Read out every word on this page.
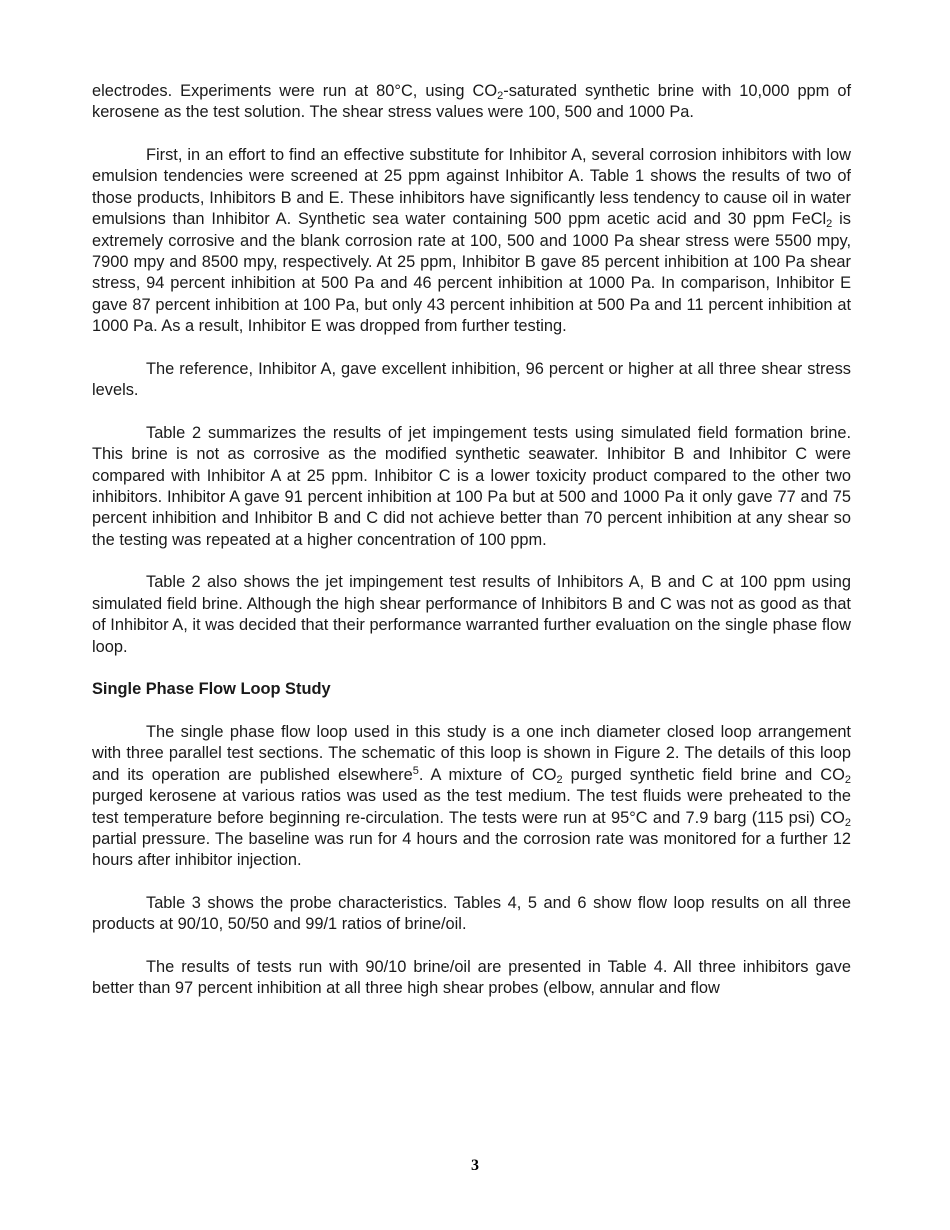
electrodes. Experiments were run at 80°C, using $CO_2$-saturated synthetic brine with 10,000 ppm of kerosene as the test solution. The shear stress values were 100, 500 and 1000 Pa.

First, in an effort to find an effective substitute for Inhibitor A, several corrosion inhibitors with low emulsion tendencies were screened at 25 ppm against Inhibitor A. Table 1 shows the results of two of those products, Inhibitors B and E. These inhibitors have significantly less tendency to cause oil in water emulsions than Inhibitor A. Synthetic sea water containing 500 ppm acetic acid and 30 ppm FeCl$_2$ is extremely corrosive and the blank corrosion rate at 100, 500 and 1000 Pa shear stress were 5500 mpy, 7900 mpy and 8500 mpy, respectively. At 25 ppm, Inhibitor B gave 85 percent inhibition at 100 Pa shear stress, 94 percent inhibition at 500 Pa and 46 percent inhibition at 1000 Pa. In comparison, Inhibitor E gave 87 percent inhibition at 100 Pa, but only 43 percent inhibition at 500 Pa and 11 percent inhibition at 1000 Pa. As a result, Inhibitor E was dropped from further testing.

The reference, Inhibitor A, gave excellent inhibition, 96 percent or higher at all three shear stress levels.

Table 2 summarizes the results of jet impingement tests using simulated field formation brine. This brine is not as corrosive as the modified synthetic seawater. Inhibitor B and Inhibitor C were compared with Inhibitor A at 25 ppm. Inhibitor C is a lower toxicity product compared to the other two inhibitors. Inhibitor A gave 91 percent inhibition at 100 Pa but at 500 and 1000 Pa it only gave 77 and 75 percent inhibition and Inhibitor B and C did not achieve better than 70 percent inhibition at any shear so the testing was repeated at a higher concentration of 100 ppm.

Table 2 also shows the jet impingement test results of Inhibitors A, B and C at 100 ppm using simulated field brine. Although the high shear performance of Inhibitors B and C was not as good as that of Inhibitor A, it was decided that their performance warranted further evaluation on the single phase flow loop.

Single Phase Flow Loop Study

The single phase flow loop used in this study is a one inch diameter closed loop arrangement with three parallel test sections. The schematic of this loop is shown in Figure 2. The details of this loop and its operation are published elsewhere$^5$. A mixture of $CO_2$ purged synthetic field brine and $CO_2$ purged kerosene at various ratios was used as the test medium. The test fluids were preheated to the test temperature before beginning re-circulation. The tests were run at 95°C and 7.9 barg (115 psi) $CO_2$ partial pressure. The baseline was run for 4 hours and the corrosion rate was monitored for a further 12 hours after inhibitor injection.

Table 3 shows the probe characteristics. Tables 4, 5 and 6 show flow loop results on all three products at 90/10, 50/50 and 99/1 ratios of brine/oil.

The results of tests run with 90/10 brine/oil are presented in Table 4. All three inhibitors gave better than 97 percent inhibition at all three high shear probes (elbow, annular and flow

3
